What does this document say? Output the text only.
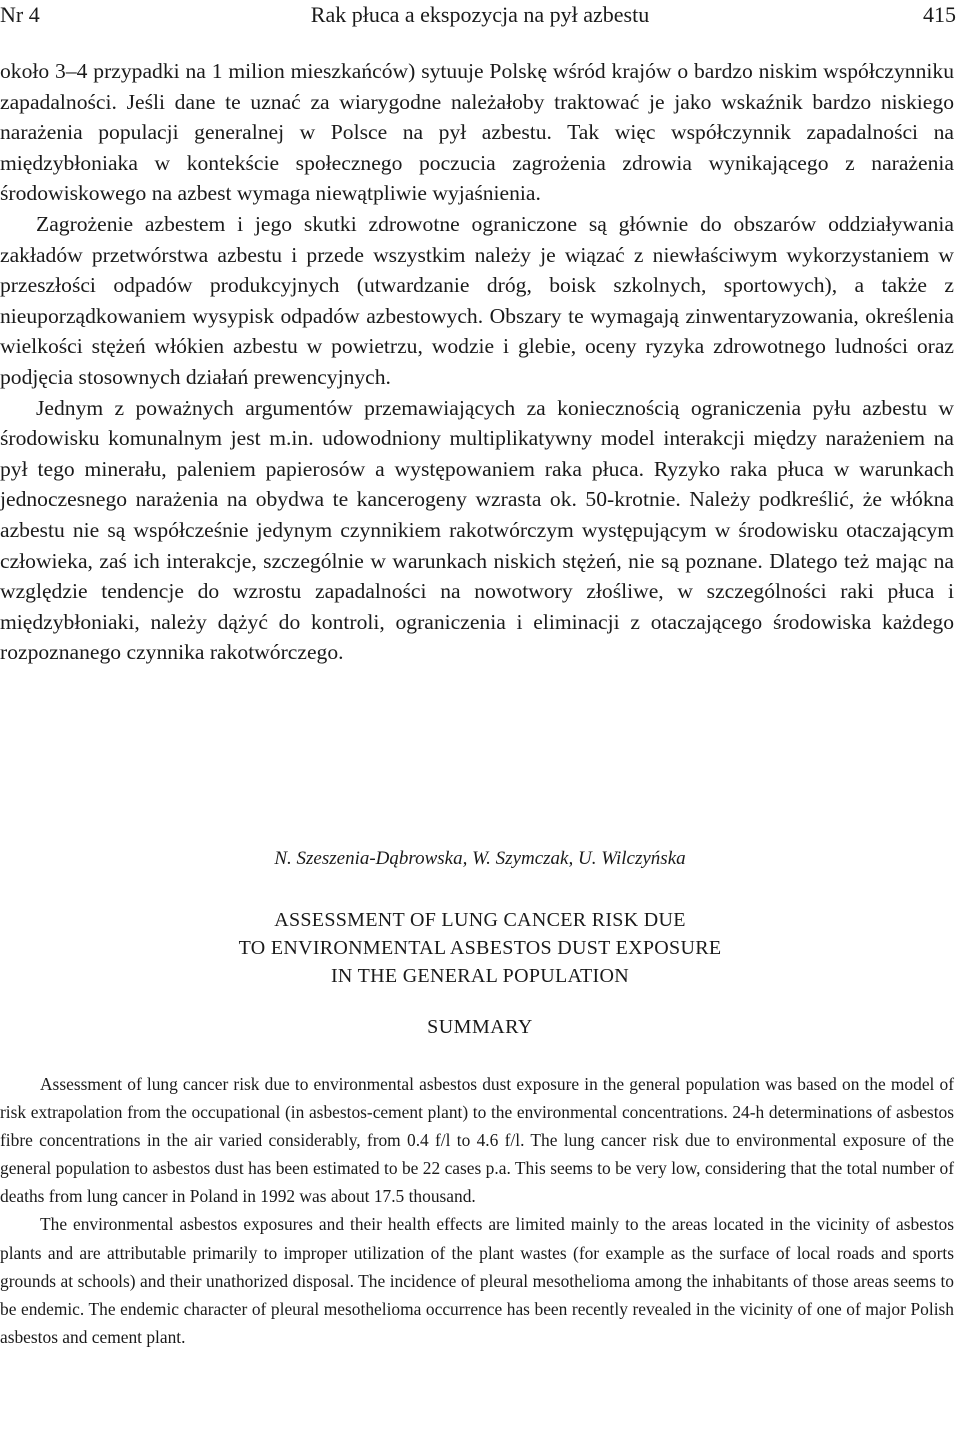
Nr 4	Rak płuca a ekspozycja na pył azbestu	415

około 3–4 przypadki na 1 milion mieszkańców) sytuuje Polskę wśród krajów o bardzo niskim współczynniku zapadalności. Jeśli dane te uznać za wiarygodne należałoby traktować je jako wskaźnik bardzo niskiego narażenia populacji generalnej w Polsce na pył azbestu. Tak więc współczynnik zapadalności na międzybłoniaka w kontekście społecznego poczucia zagrożenia zdrowia wynikającego z narażenia środowiskowego na azbest wymaga niewątpliwie wyjaśnienia.

Zagrożenie azbestem i jego skutki zdrowotne ograniczone są głównie do obszarów oddziaływania zakładów przetwórstwa azbestu i przede wszystkim należy je wiązać z niewłaściwym wykorzystaniem w przeszłości odpadów produkcyjnych (utwardzanie dróg, boisk szkolnych, sportowych), a także z nieuporządkowaniem wysypisk odpadów azbestowych. Obszary te wymagają zinwentaryzowania, określenia wielkości stężeń włókien azbestu w powietrzu, wodzie i glebie, oceny ryzyka zdrowotnego ludności oraz podjęcia stosownych działań prewencyjnych.

Jednym z poważnych argumentów przemawiających za koniecznością ograniczenia pyłu azbestu w środowisku komunalnym jest m.in. udowodniony multiplikatywny model interakcji między narażeniem na pył tego minerału, paleniem papierosów a występowaniem raka płuca. Ryzyko raka płuca w warunkach jednoczesnego narażenia na obydwa te kancerogeny wzrasta ok. 50-krotnie. Należy podkreślić, że włókna azbestu nie są współcześnie jedynym czynnikiem rakotwórczym występującym w środowisku otaczającym człowieka, zaś ich interakcje, szczególnie w warunkach niskich stężeń, nie są poznane. Dlatego też mając na względzie tendencje do wzrostu zapadalności na nowotwory złośliwe, w szczególności raki płuca i międzybłoniaki, należy dążyć do kontroli, ograniczenia i eliminacji z otaczającego środowiska każdego rozpoznanego czynnika rakotwórczego.

N. Szeszenia-Dąbrowska, W. Szymczak, U. Wilczyńska
ASSESSMENT OF LUNG CANCER RISK DUE
TO ENVIRONMENTAL ASBESTOS DUST EXPOSURE
IN THE GENERAL POPULATION
SUMMARY

Assessment of lung cancer risk due to environmental asbestos dust exposure in the general population was based on the model of risk extrapolation from the occupational (in asbestos-cement plant) to the environmental concentrations. 24-h determinations of asbestos fibre concentrations in the air varied considerably, from 0.4 f/l to 4.6 f/l. The lung cancer risk due to environmental exposure of the general population to asbestos dust has been estimated to be 22 cases p.a. This seems to be very low, considering that the total number of deaths from lung cancer in Poland in 1992 was about 17.5 thousand.

The environmental asbestos exposures and their health effects are limited mainly to the areas located in the vicinity of asbestos plants and are attributable primarily to improper utilization of the plant wastes (for example as the surface of local roads and sports grounds at schools) and their unathorized disposal. The incidence of pleural mesothelioma among the inhabitants of those areas seems to be endemic. The endemic character of pleural mesothelioma occurrence has been recently revealed in the vicinity of one of major Polish asbestos and cement plant.
